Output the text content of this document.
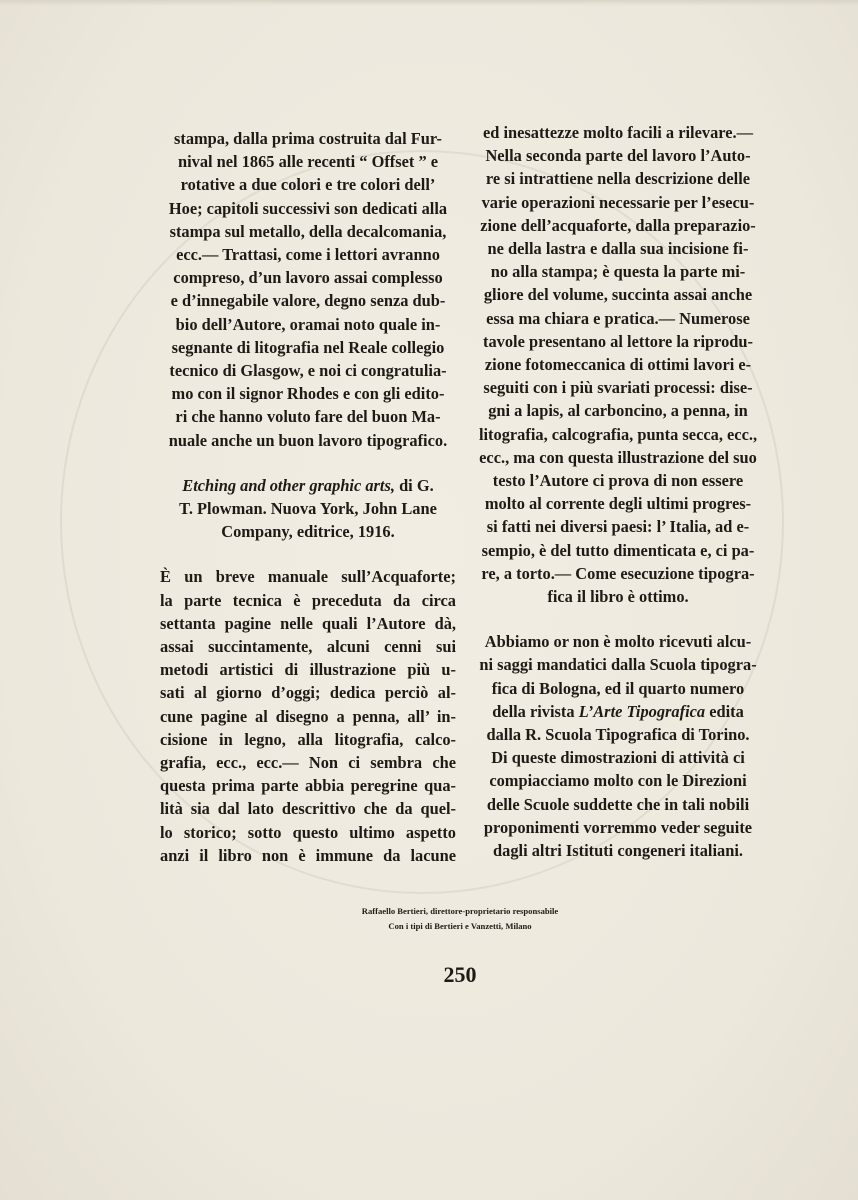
stampa, dalla prima costruita dal Fur-
nival nel 1865 alle recenti “ Offset ” e
rotative a due colori e tre colori dell’
Hoe; capitoli successivi son dedicati alla
stampa sul metallo, della decalcomania,
ecc.— Trattasi, come i lettori avranno
compreso, d’un lavoro assai complesso
e d’innegabile valore, degno senza dub-
bio dell’Autore, oramai noto quale in-
segnante di litografia nel Reale collegio
tecnico di Glasgow, e noi ci congratulia-
mo con il signor Rhodes e con gli edito-
ri che hanno voluto fare del buon Ma-
nuale anche un buon lavoro tipografico.

Etching and other graphic arts, di G.
T. Plowman. Nuova York, John Lane
Company, editrice, 1916.

È un breve manuale sull’Acquaforte;
la parte tecnica è preceduta da circa
settanta pagine nelle quali l’Autore dà,
assai succintamente, alcuni cenni sui
metodi artistici di illustrazione più u-
sati al giorno d’oggi; dedica perciò al-
cune pagine al disegno a penna, all’ in-
cisione in legno, alla litografia, calco-
grafia, ecc., ecc.— Non ci sembra che
questa prima parte abbia peregrine qua-
lità sia dal lato descrittivo che da quel-
lo storico; sotto questo ultimo aspetto
anzi il libro non è immune da lacune

ed inesattezze molto facili a rilevare.—
Nella seconda parte del lavoro l’Auto-
re si intrattiene nella descrizione delle
varie operazioni necessarie per l’esecu-
zione dell’acquaforte, dalla preparazio-
ne della lastra e dalla sua incisione fi-
no alla stampa; è questa la parte mi-
gliore del volume, succinta assai anche
essa ma chiara e pratica.— Numerose
tavole presentano al lettore la riprodu-
zione fotomeccanica di ottimi lavori e-
seguiti con i più svariati processi: dise-
gni a lapis, al carboncino, a penna, in
litografia, calcografia, punta secca, ecc.,
ecc., ma con questa illustrazione del suo
testo l’Autore ci prova di non essere
molto al corrente degli ultimi progres-
si fatti nei diversi paesi: l’ Italia, ad e-
sempio, è del tutto dimenticata e, ci pa-
re, a torto.— Come esecuzione tipogra-
fica il libro è ottimo.

Abbiamo or non è molto ricevuti alcu-
ni saggi mandatici dalla Scuola tipogra-
fica di Bologna, ed il quarto numero
della rivista L’Arte Tipografica edita
dalla R. Scuola Tipografica di Torino.
Di queste dimostrazioni di attività ci
compiacciamo molto con le Direzioni
delle Scuole suddette che in tali nobili
proponimenti vorremmo veder seguite
dagli altri Istituti congeneri italiani.

Raffaello Bertieri, direttore-proprietario responsabile
Con i tipi di Bertieri e Vanzetti, Milano
250
